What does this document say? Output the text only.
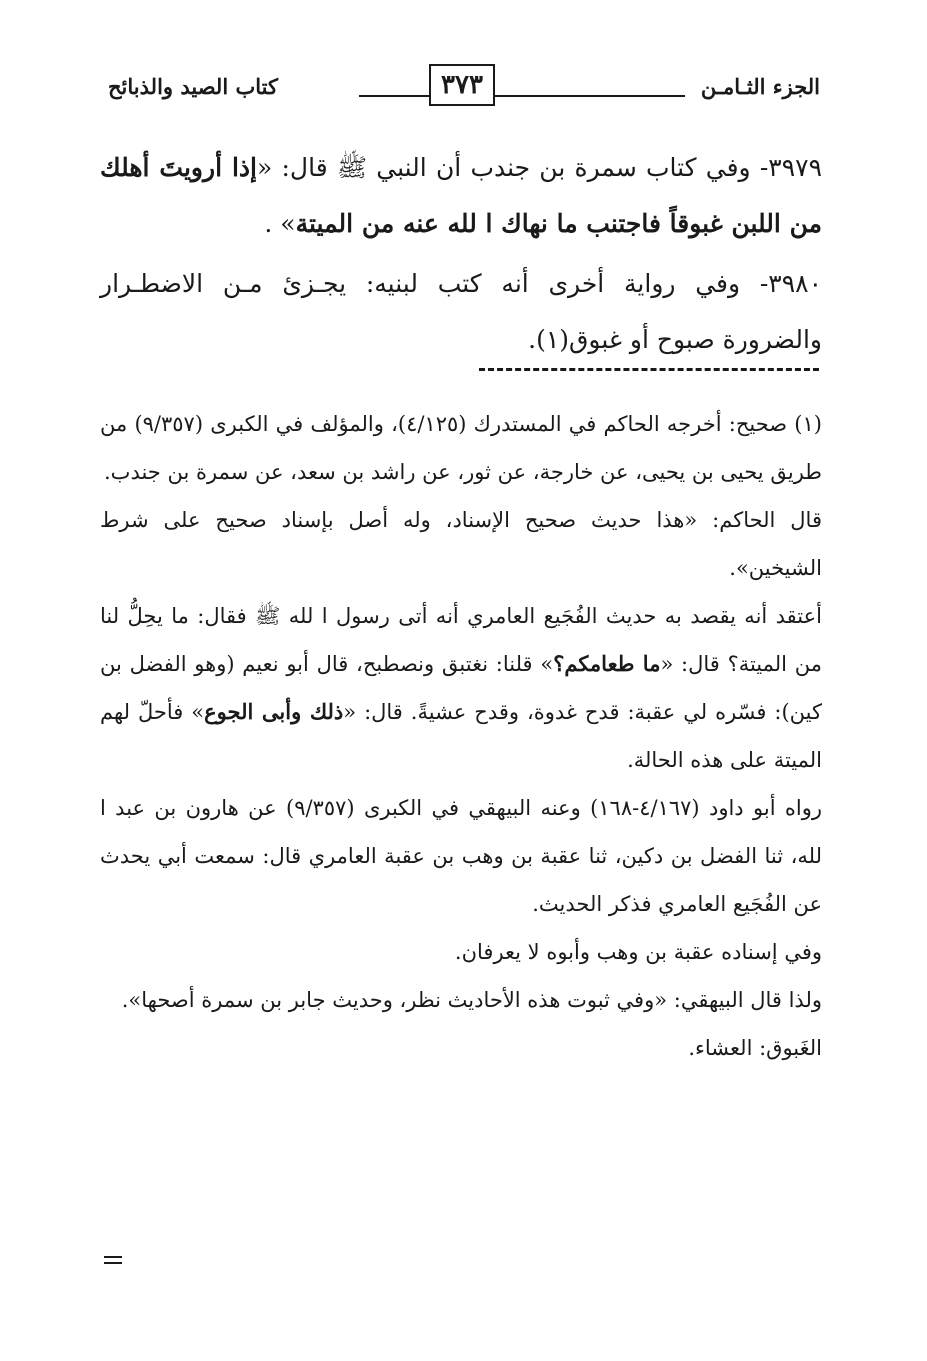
الجزء الثـامـن
٣٧٣
كتاب الصيد والذبائح

٣٩٧٩- وفي كتاب سمرة بن جندب أن النبي ﷺ قال: «إذا أرويتَ أهلك من اللبن غبوقاً فاجتنب ما نهاك ا لله عنه من الميتة» .

٣٩٨٠- وفي رواية أخرى أنه كتب لبنيه: يجـزئ مـن الاضطـرار والضرورة صبوح أو غبوق(١).

(١) صحيح: أخرجه الحاكم في المستدرك (٤/١٢٥)، والمؤلف في الكبرى (٩/٣٥٧) من طريق يحيى بن يحيى، عن خارجة، عن ثور، عن راشد بن سعد، عن سمرة بن جندب.

قال الحاكم: «هذا حديث صحيح الإسناد، وله أصل بإسناد صحيح على شرط الشيخين».

أعتقد أنه يقصد به حديث الفُجَيع العامري أنه أتى رسول ا لله ﷺ فقال: ما يحِلُّ لنا من الميتة؟ قال: «ما طعامكم؟» قلنا: نغتبق ونصطبح، قال أبو نعيم (وهو الفضل بن كين): فسّره لي عقبة: قدح غدوة، وقدح عشيةً. قال: «ذلك وأبى الجوع» فأحلّ لهم الميتة على هذه الحالة.

رواه أبو داود (٤/١٦٧-١٦٨) وعنه البيهقي في الكبرى (٩/٣٥٧) عن هارون بن عبد ا لله، ثنا الفضل بن دكين، ثنا عقبة بن وهب بن عقبة العامري قال: سمعت أبي يحدث عن الفُجَيع العامري فذكر الحديث.

وفي إسناده عقبة بن وهب وأبوه لا يعرفان.

ولذا قال البيهقي: «وفي ثبوت هذه الأحاديث نظر، وحديث جابر بن سمرة أصحها».

الغَبوق: العشاء.
